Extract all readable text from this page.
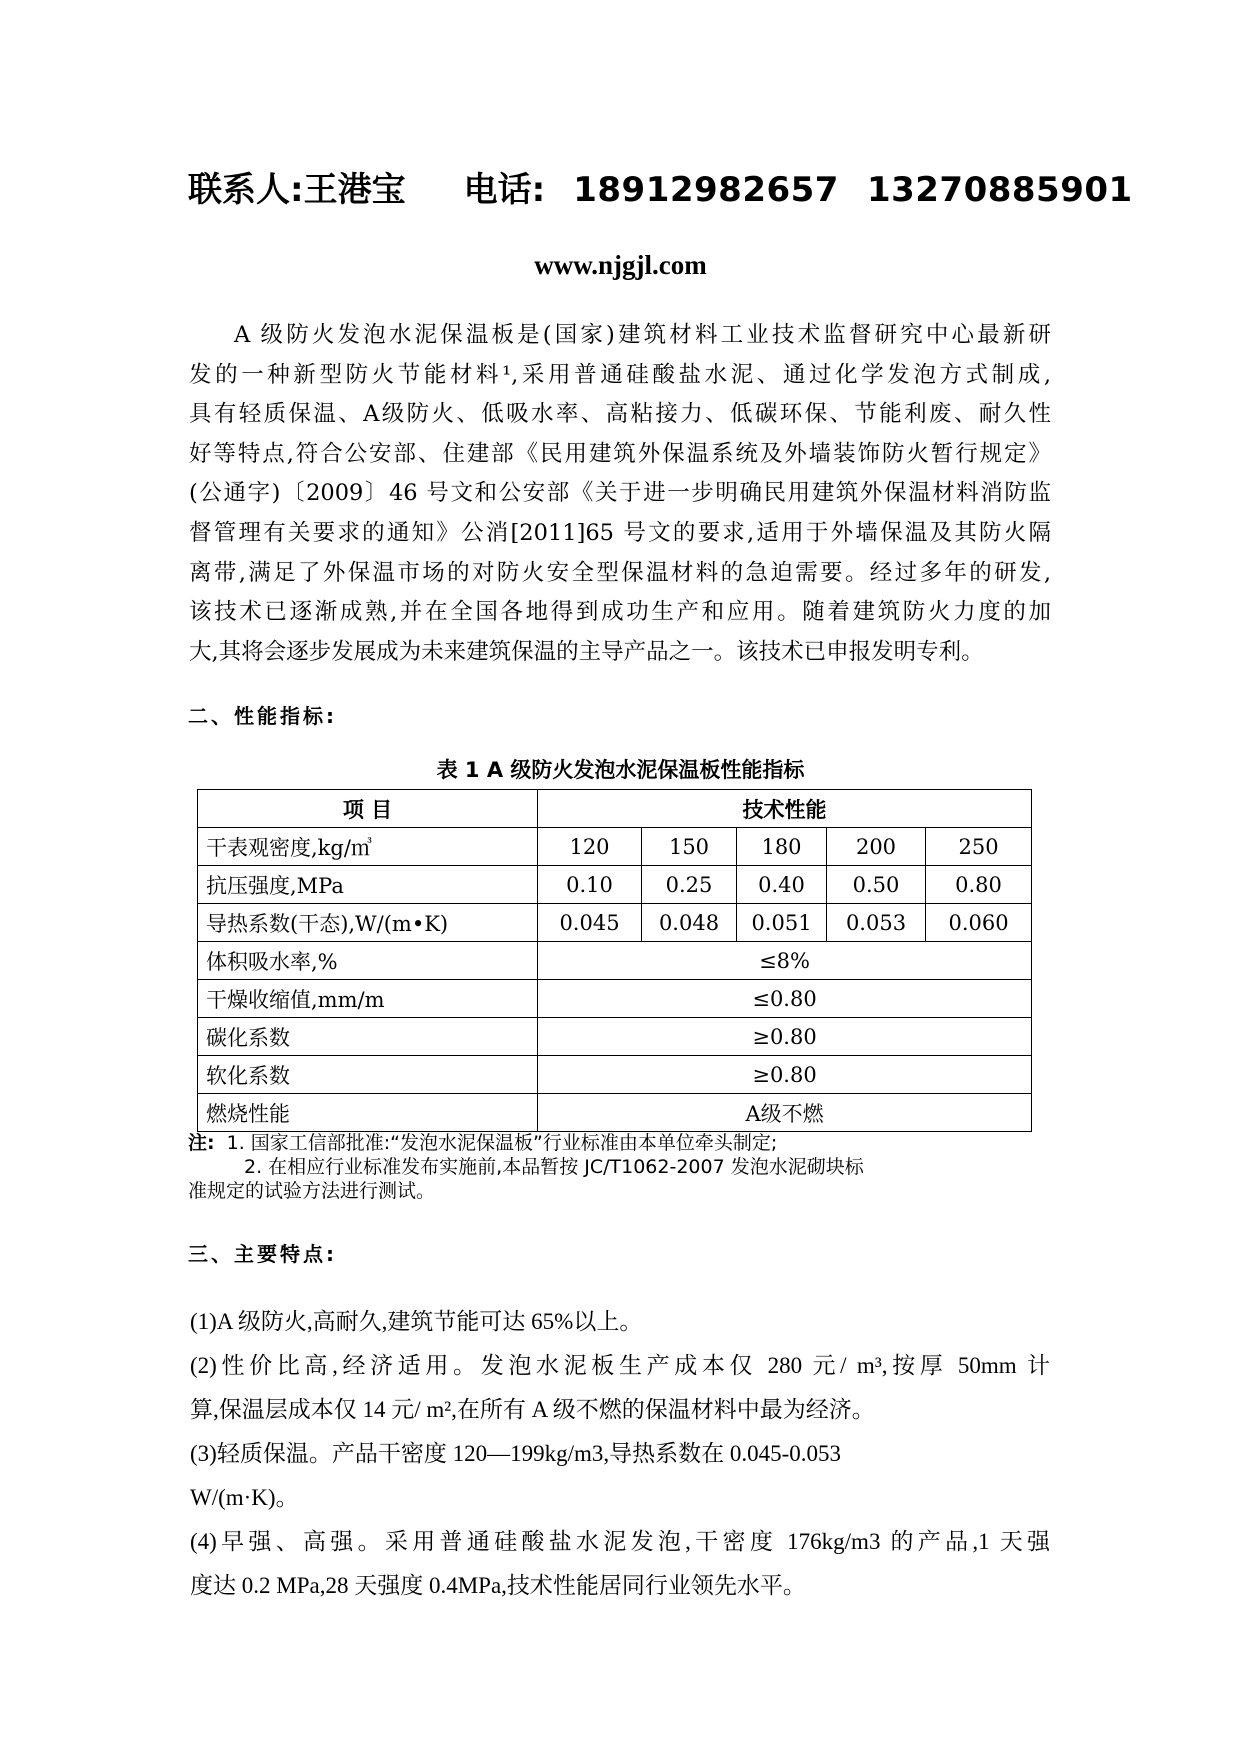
联系人:王港宝 电话: 18912982657 13270885901
www.njgjl.com
A 级防火发泡水泥保温板是(国家)建筑材料工业技术监督研究中心最新研
发的一种新型防火节能材料¹,采用普通硅酸盐水泥、通过化学发泡方式制成,
具有轻质保温、A级防火、低吸水率、高粘接力、低碳环保、节能利废、耐久性
好等特点,符合公安部、住建部《民用建筑外保温系统及外墙装饰防火暂行规定》
(公通字)〔2009〕46 号文和公安部《关于进一步明确民用建筑外保温材料消防监
督管理有关要求的通知》公消[2011]65 号文的要求,适用于外墙保温及其防火隔
离带,满足了外保温市场的对防火安全型保温材料的急迫需要。经过多年的研发,
该技术已逐渐成熟,并在全国各地得到成功生产和应用。随着建筑防火力度的加
大,其将会逐步发展成为未来建筑保温的主导产品之一。该技术已申报发明专利。
二、性能指标:
表 1 A 级防火发泡水泥保温板性能指标
项 目	技术性能				
干表观密度,kg/㎥	120	150	180	200	250
抗压强度,MPa	0.10	0.25	0.40	0.50	0.80
导热系数(干态),W/(m•K)	0.045	0.048	0.051	0.053	0.060
体积吸水率,%	≤8%				
干燥收缩值,mm/m	≤0.80				
碳化系数	≥0.80				
软化系数	≥0.80				
燃烧性能	A级不燃				
注: 1. 国家工信部批准:“发泡水泥保温板”行业标准由本单位牵头制定;
2. 在相应行业标准发布实施前,本品暂按 JC/T1062-2007 发泡水泥砌块标
准规定的试验方法进行测试。
三、主要特点:
(1)A 级防火,高耐久,建筑节能可达 65%以上。
(2)性价比高,经济适用。发泡水泥板生产成本仅 280 元/ m³,按厚 50mm 计
算,保温层成本仅 14 元/ m²,在所有 A 级不燃的保温材料中最为经济。
(3)轻质保温。产品干密度 120—199kg/m3,导热系数在 0.045-0.053
W/(m·K)。
(4)早强、高强。采用普通硅酸盐水泥发泡,干密度 176kg/m3 的产品,1 天强
度达 0.2 MPa,28 天强度 0.4MPa,技术性能居同行业领先水平。
